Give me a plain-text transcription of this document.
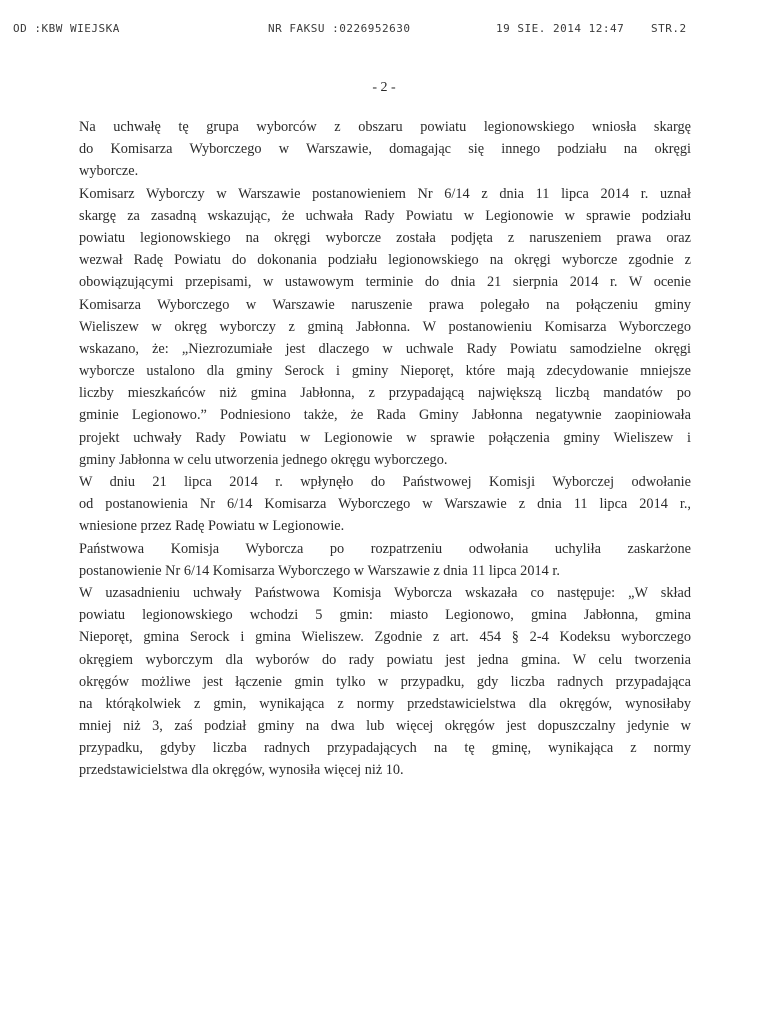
OD :KBW WIEJSKA	NR FAKSU :0226952630	19 SIE. 2014 12:47 STR.2
- 2 -
Na uchwałę tę grupa wyborców z obszaru powiatu legionowskiego wniosła skargę
do Komisarza Wyborczego w Warszawie, domagając się innego podziału na okręgi
wyborcze.
Komisarz Wyborczy w Warszawie postanowieniem Nr 6/14 z dnia 11 lipca 2014 r. uznał
skargę za zasadną wskazując, że uchwała Rady Powiatu w Legionowie w sprawie podziału
powiatu legionowskiego na okręgi wyborcze została podjęta z naruszeniem prawa oraz
wezwał Radę Powiatu do dokonania podziału legionowskiego na okręgi wyborcze zgodnie z
obowiązującymi przepisami, w ustawowym terminie do dnia 21 sierpnia 2014 r. W ocenie
Komisarza Wyborczego w Warszawie naruszenie prawa polegało na połączeniu gminy
Wieliszew w okręg wyborczy z gminą Jabłonna. W postanowieniu Komisarza Wyborczego
wskazano, że: „Niezrozumiałe jest dlaczego w uchwale Rady Powiatu samodzielne okręgi
wyborcze ustalono dla gminy Serock i gminy Nieporęt, które mają zdecydowanie mniejsze
liczby mieszkańców niż gmina Jabłonna, z przypadającą największą liczbą mandatów po
gminie Legionowo.” Podniesiono także, że Rada Gminy Jabłonna negatywnie zaopiniowała
projekt uchwały Rady Powiatu w Legionowie w sprawie połączenia gminy Wieliszew i
gminy Jabłonna w celu utworzenia jednego okręgu wyborczego.
W dniu 21 lipca 2014 r. wpłynęło do Państwowej Komisji Wyborczej odwołanie
od postanowienia Nr 6/14 Komisarza Wyborczego w Warszawie z dnia 11 lipca 2014 r.,
wniesione przez Radę Powiatu w Legionowie.
Państwowa Komisja Wyborcza po rozpatrzeniu odwołania uchyliła zaskarżone
postanowienie Nr 6/14 Komisarza Wyborczego w Warszawie z dnia 11 lipca 2014 r.
W uzasadnieniu uchwały Państwowa Komisja Wyborcza wskazała co następuje: „W skład
powiatu legionowskiego wchodzi 5 gmin: miasto Legionowo, gmina Jabłonna, gmina
Nieporęt, gmina Serock i gmina Wieliszew. Zgodnie z art. 454 § 2-4 Kodeksu wyborczego
okręgiem wyborczym dla wyborów do rady powiatu jest jedna gmina. W celu tworzenia
okręgów możliwe jest łączenie gmin tylko w przypadku, gdy liczba radnych przypadająca
na którąkolwiek z gmin, wynikająca z normy przedstawicielstwa dla okręgów, wynosiłaby
mniej niż 3, zaś podział gminy na dwa lub więcej okręgów jest dopuszczalny jedynie w
przypadku, gdyby liczba radnych przypadających na tę gminę, wynikająca z normy
przedstawicielstwa dla okręgów, wynosiła więcej niż 10.
